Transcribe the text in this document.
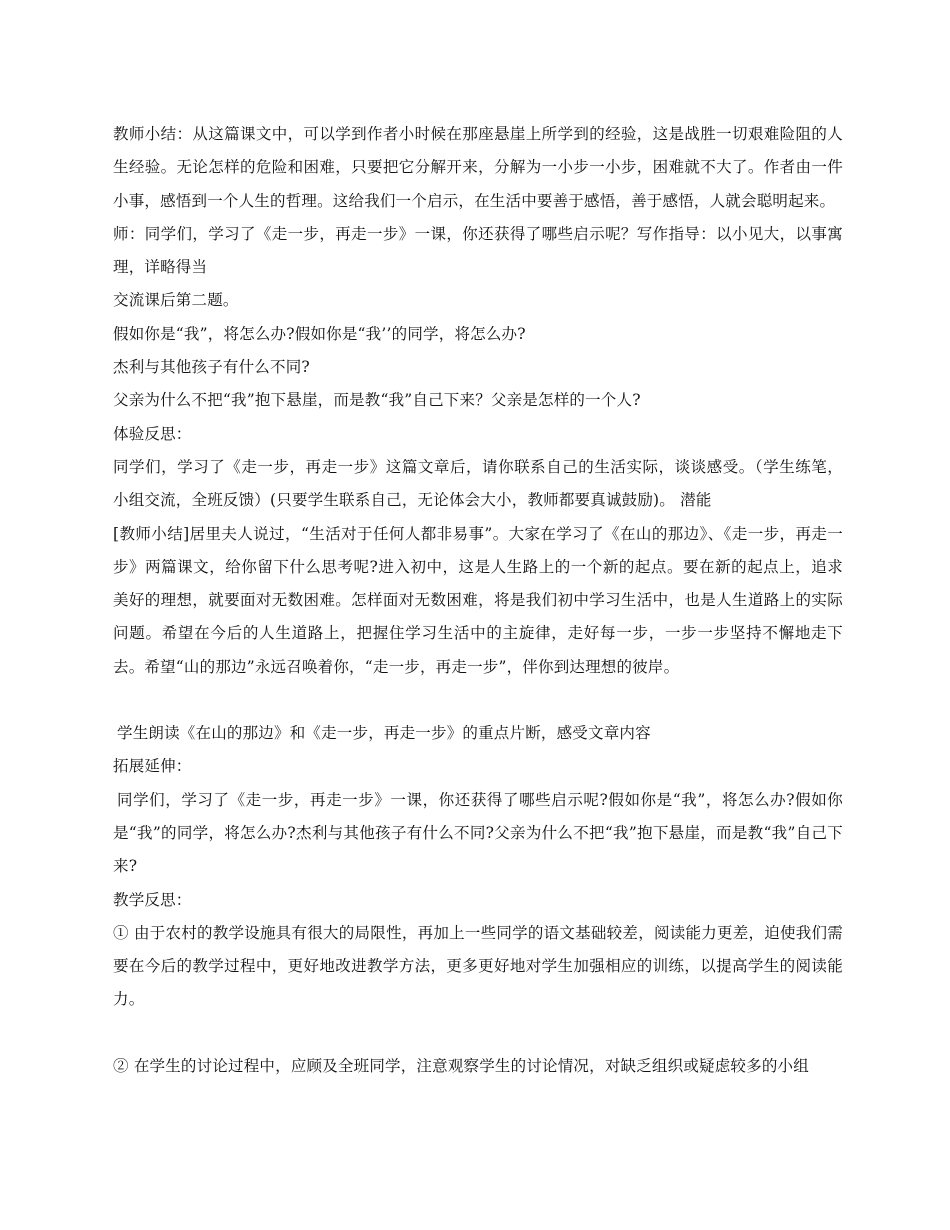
教师小结：从这篇课文中，可以学到作者小时候在那座悬崖上所学到的经验，这是战胜一切艰难险阻的人生经验。无论怎样的危险和困难，只要把它分解开来，分解为一小步一小步，困难就不大了。作者由一件小事，感悟到一个人生的哲理。这给我们一个启示，在生活中要善于感悟，善于感悟，人就会聪明起来。

师：同学们，学习了《走一步，再走一步》一课，你还获得了哪些启示呢？写作指导：以小见大，以事寓理，详略得当

交流课后第二题。

假如你是“我”，将怎么办?假如你是“我’’的同学，将怎么办?

杰利与其他孩子有什么不同?

父亲为什么不把“我”抱下悬崖，而是教“我”自己下来？父亲是怎样的一个人?

体验反思：

同学们，学习了《走一步，再走一步》这篇文章后，请你联系自己的生活实际，谈谈感受。（学生练笔，小组交流，全班反馈）(只要学生联系自己，无论体会大小，教师都要真诚鼓励)。 潜能

[教师小结]居里夫人说过，“生活对于任何人都非易事”。大家在学习了《在山的那边》、《走一步，再走一步》两篇课文，给你留下什么思考呢?进入初中，这是人生路上的一个新的起点。要在新的起点上，追求美好的理想，就要面对无数困难。怎样面对无数困难，将是我们初中学习生活中，也是人生道路上的实际问题。希望在今后的人生道路上，把握住学习生活中的主旋律，走好每一步，一步一步坚持不懈地走下去。希望“山的那边”永远召唤着你，“走一步，再走一步”，伴你到达理想的彼岸。

学生朗读《在山的那边》和《走一步，再走一步》的重点片断，感受文章内容

拓展延伸：

同学们，学习了《走一步，再走一步》一课，你还获得了哪些启示呢?假如你是“我”，将怎么办?假如你是“我”的同学，将怎么办?杰利与其他孩子有什么不同?父亲为什么不把“我”抱下悬崖，而是教“我”自己下来?

教学反思：

① 由于农村的教学设施具有很大的局限性，再加上一些同学的语文基础较差，阅读能力更差，迫使我们需要在今后的教学过程中，更好地改进教学方法，更多更好地对学生加强相应的训练，以提高学生的阅读能力。

② 在学生的讨论过程中，应顾及全班同学，注意观察学生的讨论情况，对缺乏组织或疑虑较多的小组
